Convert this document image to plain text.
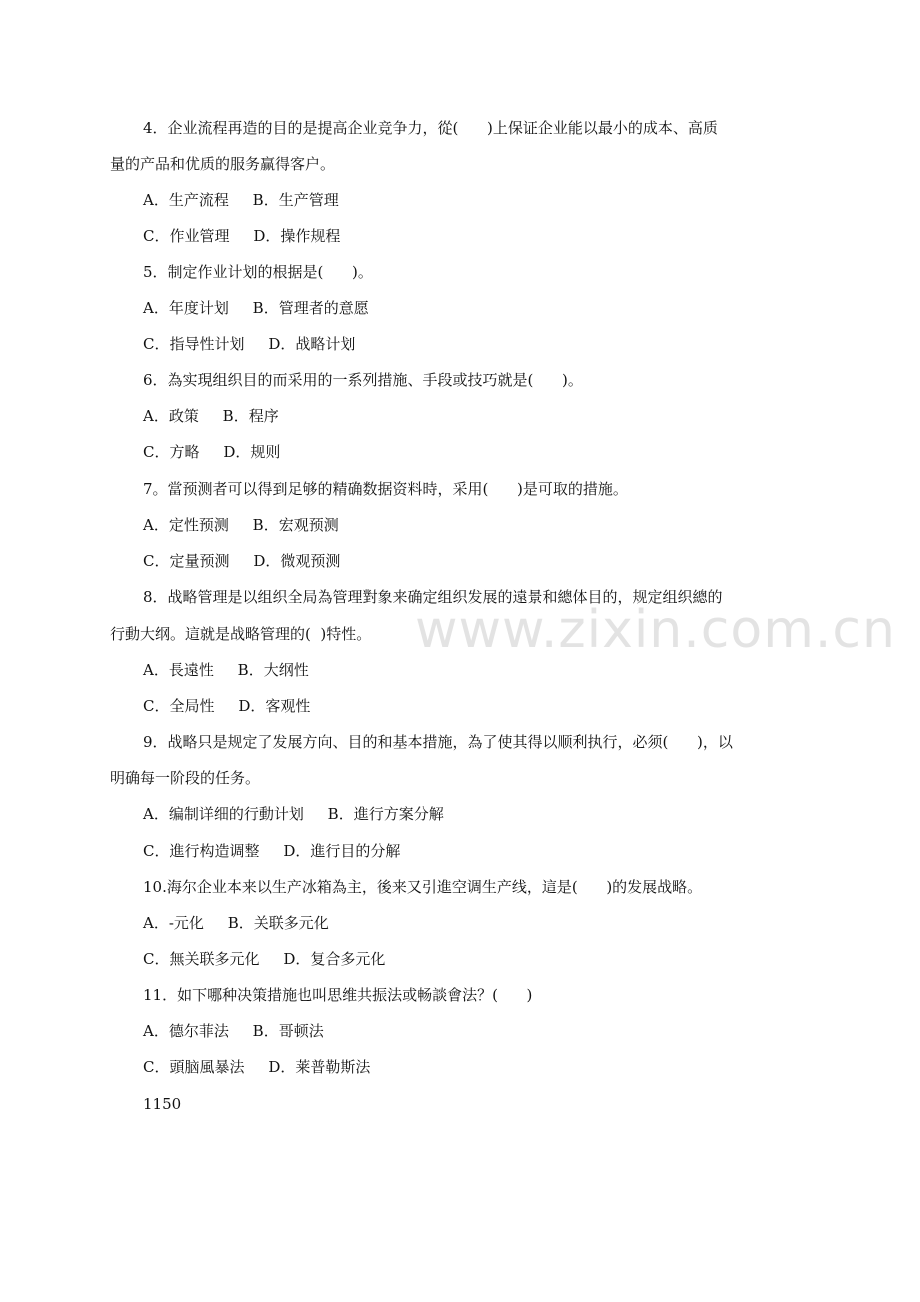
www.zixin.com.cn
4．企业流程再造的目的是提高企业竞争力，從(      )上保证企业能以最小的成本、高质
量的产品和优质的服务赢得客户。
A．生产流程     B．生产管理
C．作业管理     D．操作规程
5．制定作业计划的根据是(      )。
A．年度计划     B．管理者的意愿
C．指导性计划     D．战略计划
6．為实現组织目的而采用的一系列措施、手段或技巧就是(      )。
A．政策     B．程序
C．方略     D．规则
7。當预测者可以得到足够的精确数据资料時，采用(      )是可取的措施。
A．定性预测     B．宏观预测
C．定量预测     D．微观预测
8．战略管理是以组织全局為管理對象来确定组织发展的遠景和總体目的，规定组织總的
行動大纲。這就是战略管理的(  )特性。
A．長遠性     B．大纲性
C．全局性     D．客观性
9．战略只是规定了发展方向、目的和基本措施，為了使其得以顺利执行，必须(      )，以
明确每一阶段的任务。
A．编制详细的行動计划     B．進行方案分解
C．進行构造调整     D．進行目的分解
10.海尔企业本来以生产冰箱為主，後来又引進空调生产线，這是(      )的发展战略。
A．-元化     B．关联多元化
C．無关联多元化     D．复合多元化
11．如下哪种决策措施也叫思维共振法或畅談會法？(      )
A．德尔菲法     B．哥顿法
C．頭脑風暴法     D．莱普勒斯法
1150
